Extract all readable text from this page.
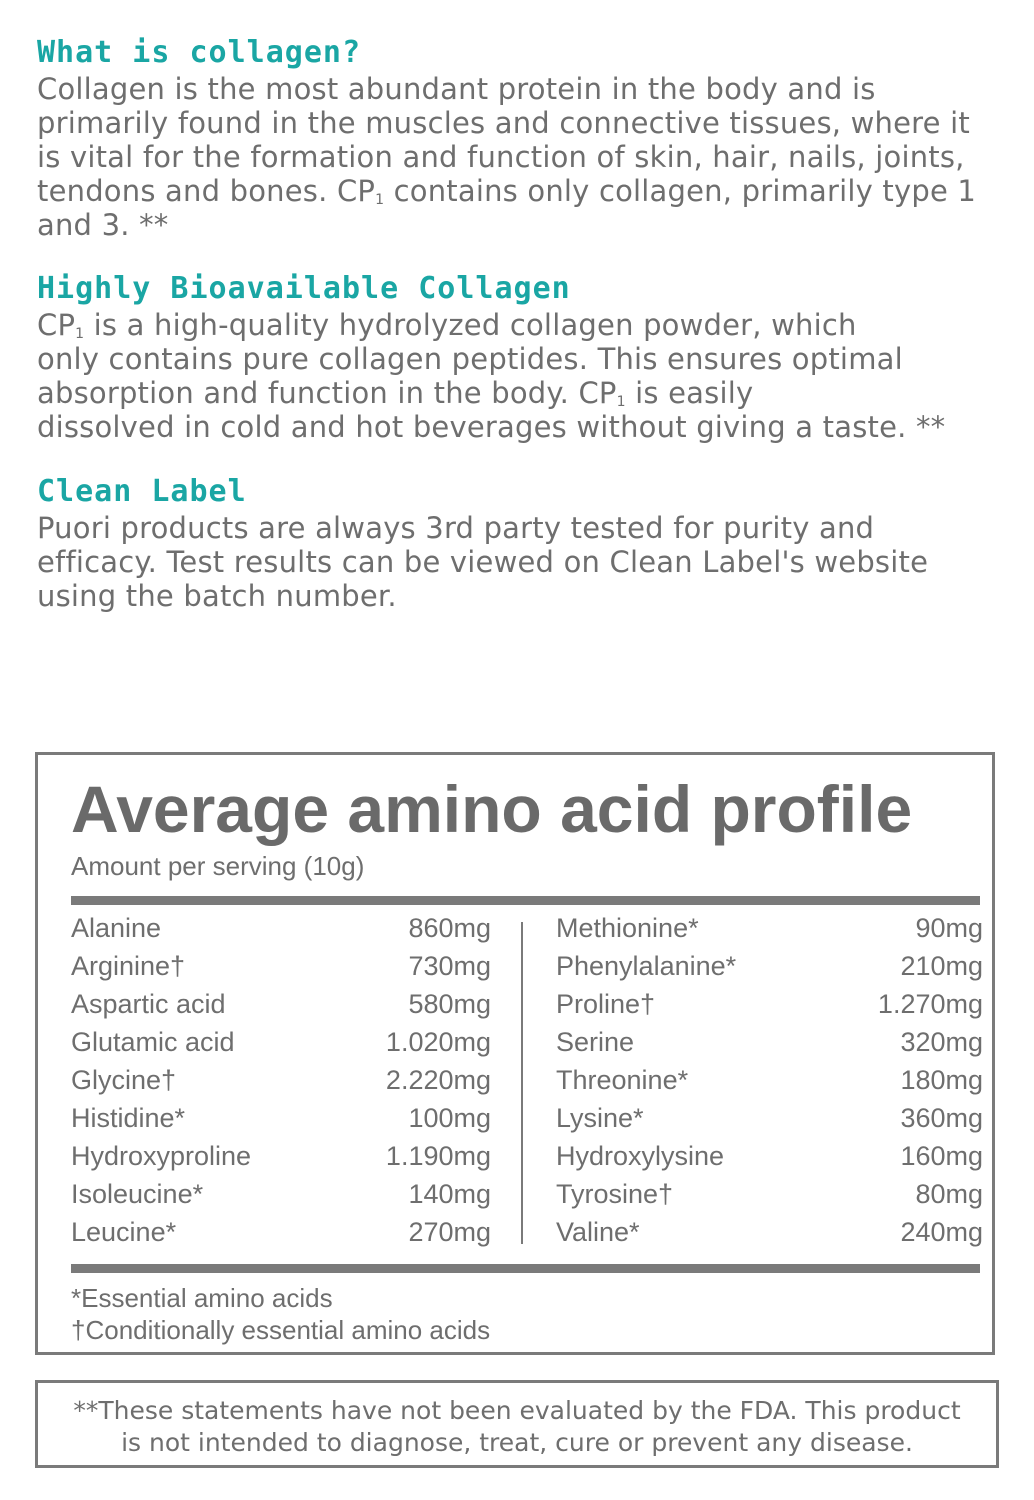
What is collagen?

Collagen is the most abundant protein in the body and is
primarily found in the muscles and connective tissues, where it
is vital for the formation and function of skin, hair, nails, joints,
tendons and bones. $CP_1$ contains only collagen, primarily type 1
and 3. **

Highly Bioavailable Collagen

$CP_1$ is a high-quality hydrolyzed collagen powder, which
only contains pure collagen peptides. This ensures optimal
absorption and function in the body. $CP_1$ is easily
dissolved in cold and hot beverages without giving a taste. **

Clean Label

Puori products are always 3rd party tested for purity and
efficacy. Test results can be viewed on Clean Label's website
using the batch number.

Average amino acid profile
Amount per serving (10g)
Alanine	860mg
Arginine†	730mg
Aspartic acid	580mg
Glutamic acid	1.020mg
Glycine†	2.220mg
Histidine*	100mg
Hydroxyproline	1.190mg
Isoleucine*	140mg
Leucine*	270mg
Methionine*	90mg
Phenylalanine*	210mg
Proline†	1.270mg
Serine	320mg
Threonine*	180mg
Lysine*	360mg
Hydroxylysine	160mg
Tyrosine†	80mg
Valine*	240mg
*Essential amino acids
†Conditionally essential amino acids
**These statements have not been evaluated by the FDA. This product
is not intended to diagnose, treat, cure or prevent any disease.
